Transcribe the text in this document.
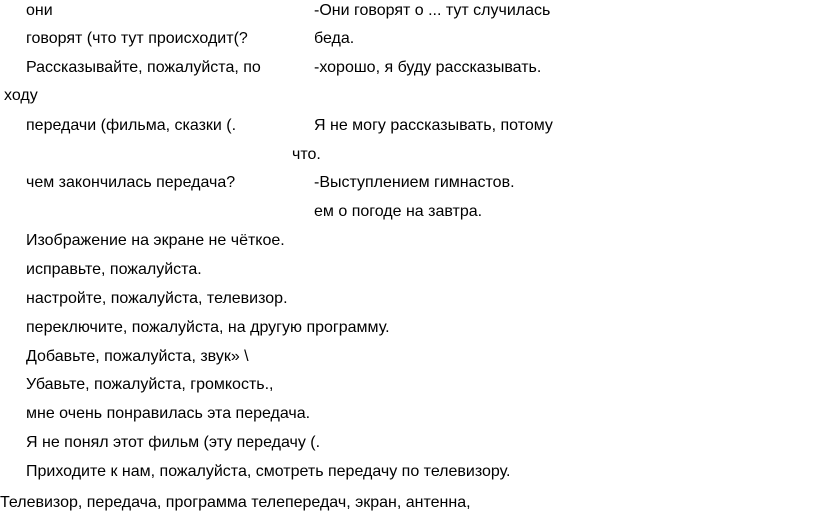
они
говорят (что тут происходит(?
Рассказывайте, пожалуйста, по
ходу
передачи (фильма, сказки (.
чем закончилась передача?
-Они говорят о ... тут случилась
беда.
-хорошо, я буду рассказывать.
Я не могу рассказывать, потому
что.
-Выступлением гимнастов.
ем о погоде на завтра.
Изображение на экране не чёткое.
исправьте, пожалуйста.
настройте, пожалуйста, телевизор.
переключите, пожалуйста, на другую программу.
Добавьте, пожалуйста, звук» \
Убавьте, пожалуйста, громкость.,
мне очень понравилась эта передача.
Я не понял этот фильм (эту передачу (.
Приходите к нам, пожалуйста, смотреть передачу по телевизору.
Телевизор, передача, программа телепередач, экран, антенна,
